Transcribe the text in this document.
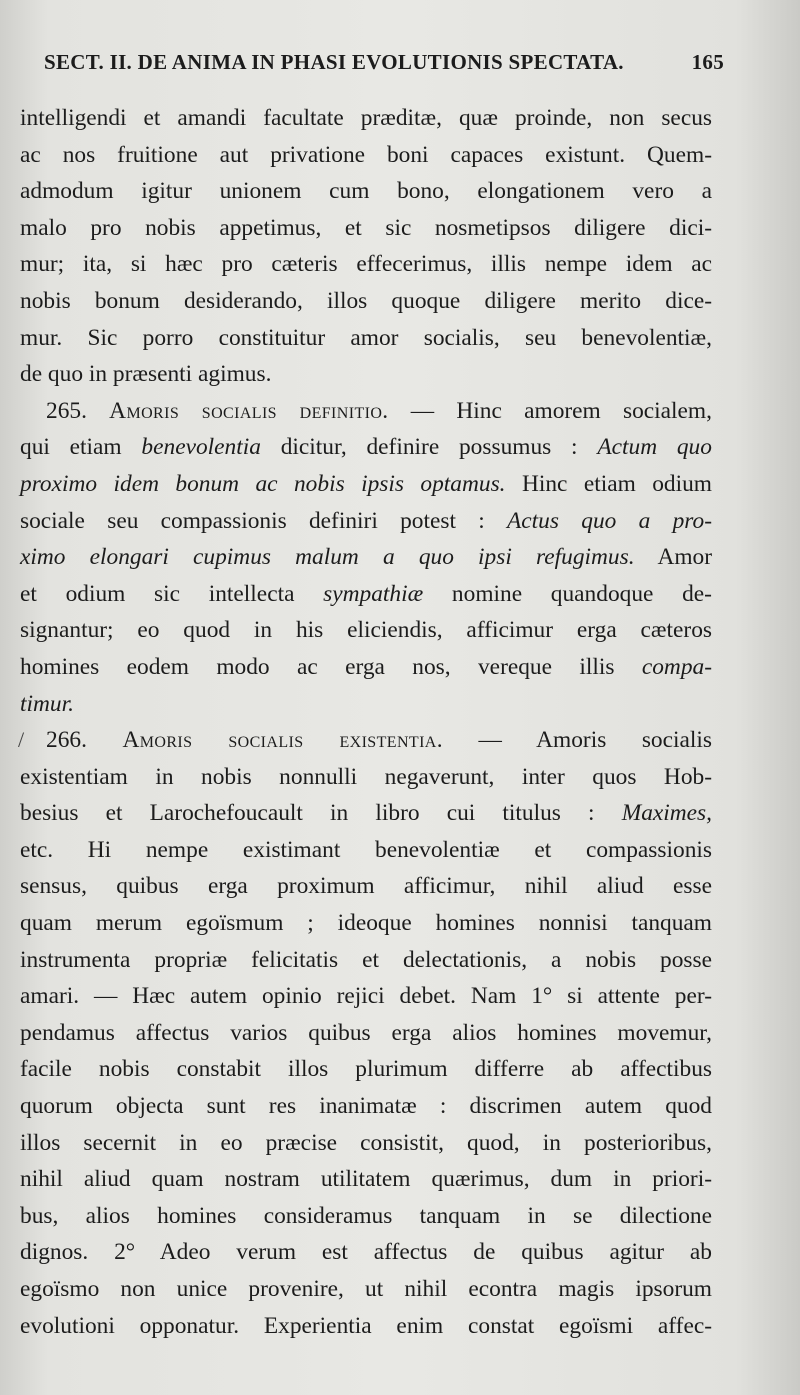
SECT. II. DE ANIMA IN PHASI EVOLUTIONIS SPECTATA.	165
intelligendi et amandi facultate præditæ, quæ proinde, non secus
ac nos fruitione aut privatione boni capaces existunt. Quem-
admodum igitur unionem cum bono, elongationem vero a
malo pro nobis appetimus, et sic nosmetipsos diligere dici-
mur; ita, si hæc pro cæteris effecerimus, illis nempe idem ac
nobis bonum desiderando, illos quoque diligere merito dice-
mur. Sic porro constituitur amor socialis, seu benevolentiæ,
de quo in præsenti agimus.
265. Amoris socialis definitio. — Hinc amorem socialem,
qui etiam benevolentia dicitur, definire possumus : Actum quo
proximo idem bonum ac nobis ipsis optamus. Hinc etiam odium
sociale seu compassionis definiri potest : Actus quo a pro-
ximo elongari cupimus malum a quo ipsi refugimus. Amor
et odium sic intellecta sympathiæ nomine quandoque de-
signantur; eo quod in his eliciendis, afficimur erga cæteros
homines eodem modo ac erga nos, vereque illis compa-
timur.
/ 266. Amoris socialis existentia. — Amoris socialis
existentiam in nobis nonnulli negaverunt, inter quos Hob-
besius et Larochefoucault in libro cui titulus : Maximes,
etc. Hi nempe existimant benevolentiæ et compassionis
sensus, quibus erga proximum afficimur, nihil aliud esse
quam merum egoïsmum ; ideoque homines nonnisi tanquam
instrumenta propriæ felicitatis et delectationis, a nobis posse
amari. — Hæc autem opinio rejici debet. Nam 1° si attente per-
pendamus affectus varios quibus erga alios homines movemur,
facile nobis constabit illos plurimum differre ab affectibus
quorum objecta sunt res inanimatæ : discrimen autem quod
illos secernit in eo præcise consistit, quod, in posterioribus,
nihil aliud quam nostram utilitatem quærimus, dum in priori-
bus, alios homines consideramus tanquam in se dilectione
dignos. 2° Adeo verum est affectus de quibus agitur ab
egoïsmo non unice provenire, ut nihil econtra magis ipsorum
evolutioni opponatur. Experientia enim constat egoïsmi affec-
